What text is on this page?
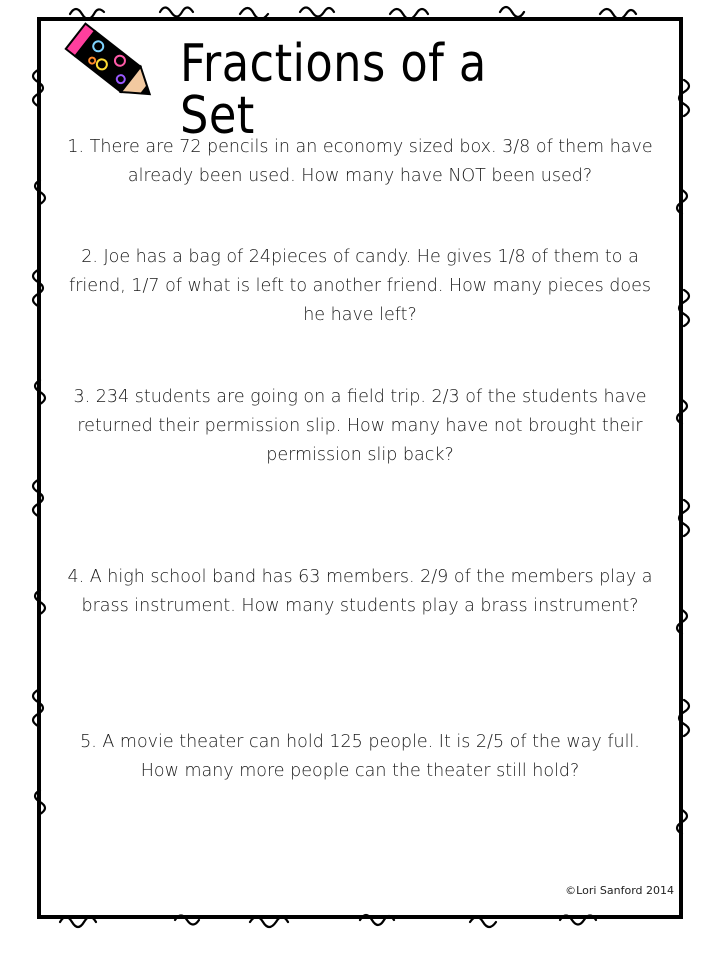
Fractions of a Set
1. There are 72 pencils in an economy sized box. 3/8 of them have already been used. How many have NOT been used?
2. Joe has a bag of 24pieces of candy. He gives 1/8 of them to a friend, 1/7 of what is left to another friend. How many pieces does he have left?
3. 234 students are going on a field trip. 2/3 of the students have returned their permission slip. How many have not brought their permission slip back?
4. A high school band has 63 members. 2/9 of the members play a brass instrument. How many students play a brass instrument?
5. A movie theater can hold 125 people. It is 2/5 of the way full. How many more people can the theater still hold?
©Lori Sanford 2014
